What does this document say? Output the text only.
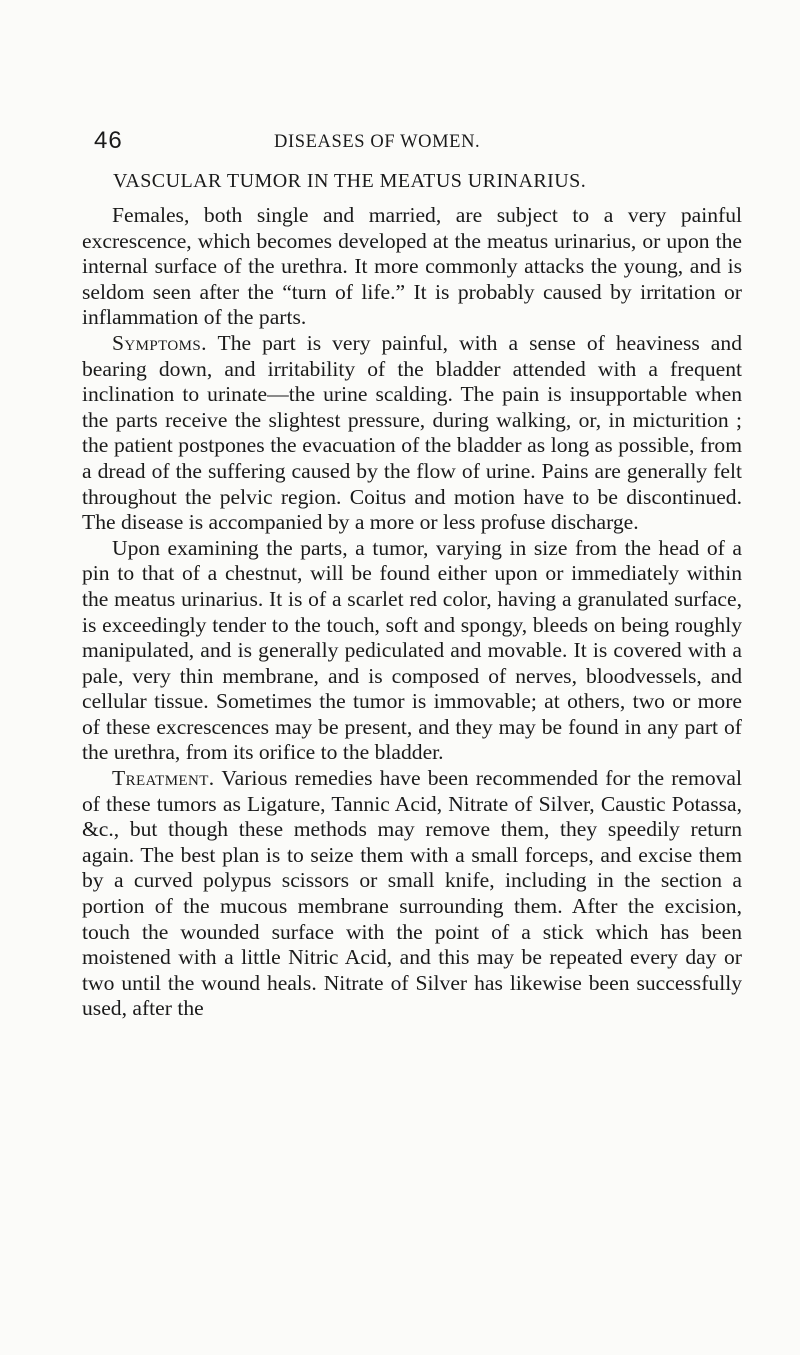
46	DISEASES OF WOMEN.
VASCULAR TUMOR IN THE MEATUS URINARIUS.

Females, both single and married, are subject to a very painful excrescence, which becomes developed at the meatus urinarius, or upon the internal surface of the urethra. It more commonly attacks the young, and is seldom seen after the “turn of life.” It is probably caused by irritation or inflammation of the parts.

Symptoms. The part is very painful, with a sense of heaviness and bearing down, and irritability of the bladder attended with a frequent inclination to urinate—the urine scalding. The pain is insupportable when the parts receive the slightest pressure, during walking, or, in micturition ; the patient postpones the evacuation of the bladder as long as possible, from a dread of the suffering caused by the flow of urine. Pains are generally felt throughout the pelvic region. Coitus and motion have to be discontinued. The disease is accompanied by a more or less profuse discharge.

Upon examining the parts, a tumor, varying in size from the head of a pin to that of a chestnut, will be found either upon or immediately within the meatus urinarius. It is of a scarlet red color, having a granulated surface, is exceedingly tender to the touch, soft and spongy, bleeds on being roughly manipulated, and is generally pediculated and movable. It is covered with a pale, very thin membrane, and is composed of nerves, bloodvessels, and cellular tissue. Sometimes the tumor is immovable; at others, two or more of these excrescences may be present, and they may be found in any part of the urethra, from its orifice to the bladder.

Treatment. Various remedies have been recommended for the removal of these tumors as Ligature, Tannic Acid, Nitrate of Silver, Caustic Potassa, &c., but though these methods may remove them, they speedily return again. The best plan is to seize them with a small forceps, and excise them by a curved polypus scissors or small knife, including in the section a portion of the mucous membrane surrounding them. After the excision, touch the wounded surface with the point of a stick which has been moistened with a little Nitric Acid, and this may be repeated every day or two until the wound heals. Nitrate of Silver has likewise been successfully used, after the
